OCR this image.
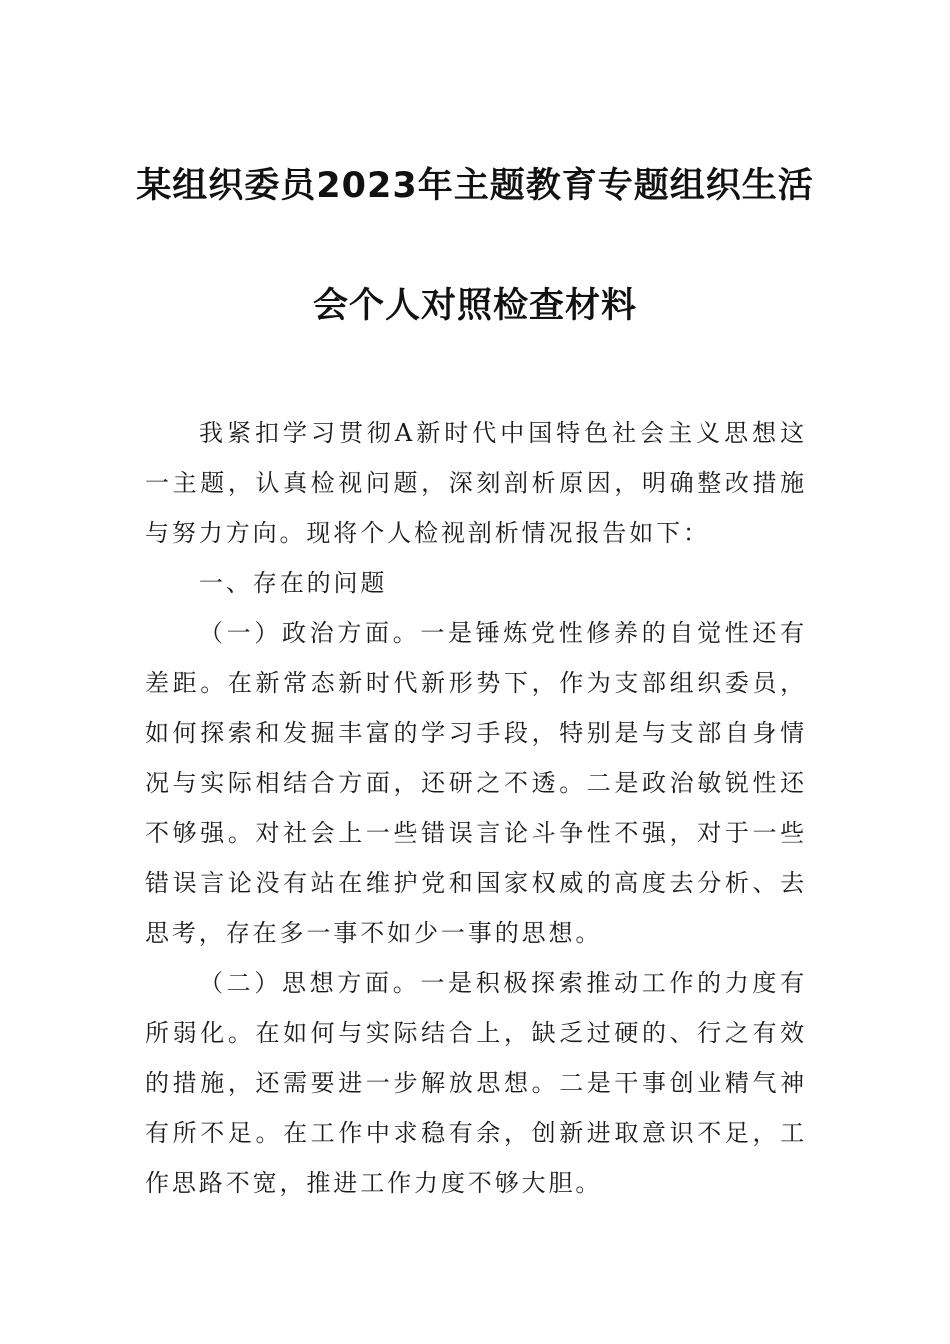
某组织委员2023年主题教育专题组织生活
会个人对照检查材料

我紧扣学习贯彻A新时代中国特色社会主义思想这一主题，认真检视问题，深刻剖析原因，明确整改措施与努力方向。现将个人检视剖析情况报告如下：

一、存在的问题

（一）政治方面。一是锤炼党性修养的自觉性还有差距。在新常态新时代新形势下，作为支部组织委员，如何探索和发掘丰富的学习手段，特别是与支部自身情况与实际相结合方面，还研之不透。二是政治敏锐性还不够强。对社会上一些错误言论斗争性不强，对于一些错误言论没有站在维护党和国家权威的高度去分析、去思考，存在多一事不如少一事的思想。

（二）思想方面。一是积极探索推动工作的力度有所弱化。在如何与实际结合上，缺乏过硬的、行之有效的措施，还需要进一步解放思想。二是干事创业精气神有所不足。在工作中求稳有余，创新进取意识不足，工作思路不宽，推进工作力度不够大胆。
